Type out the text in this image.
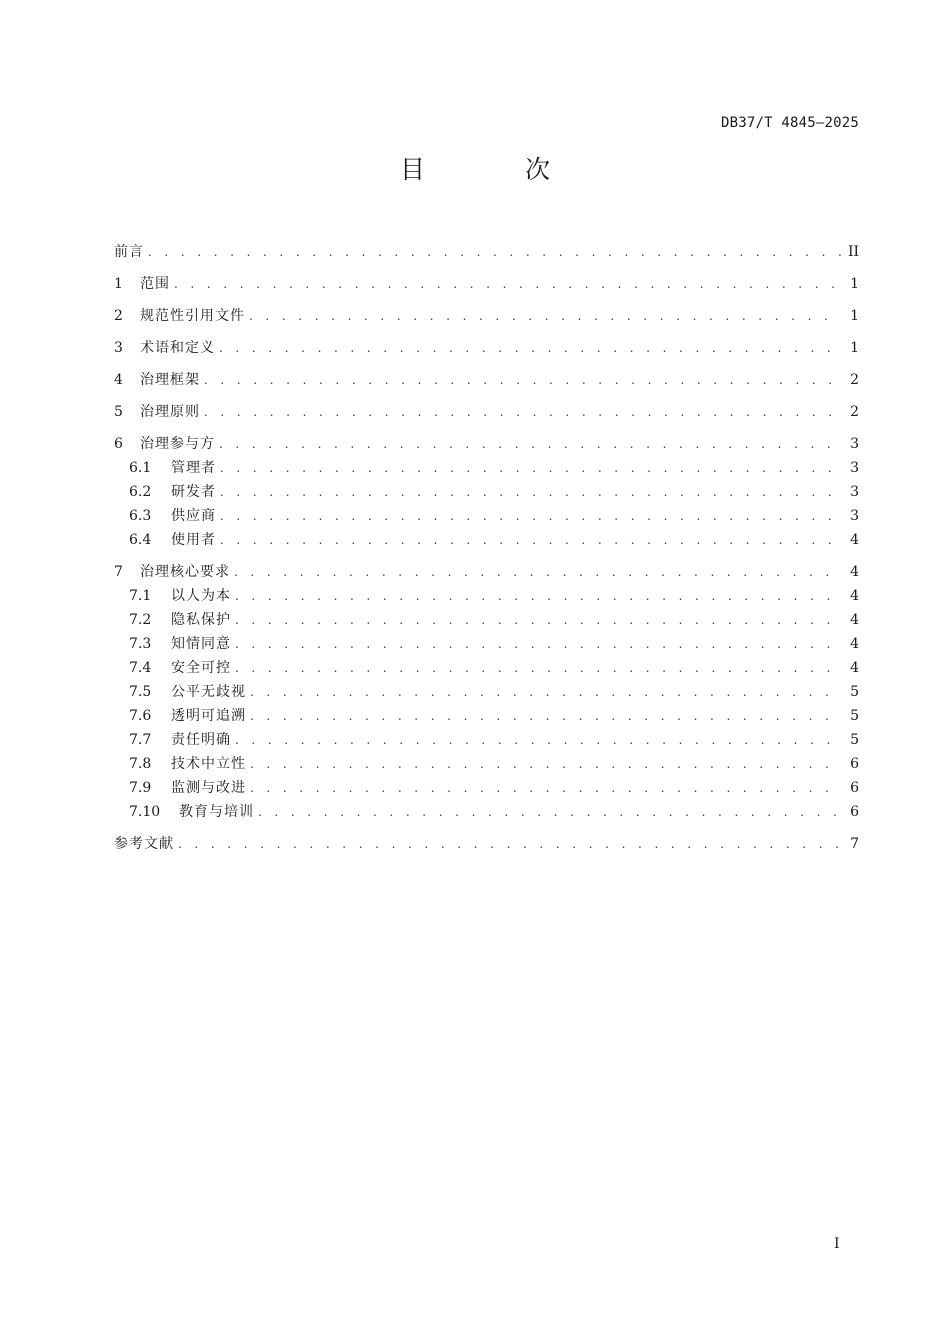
DB37/T 4845—2025
目 次
前言 . . .	II
1	范围 . . .	1
2	规范性引用文件 . . .	1
3	术语和定义 . . .	1
4	治理框架 . . .	2
5	治理原则 . . .	2
6	治理参与方 . . .	3
6.1	管理者 . . .	3
6.2	研发者 . . .	3
6.3	供应商 . . .	3
6.4	使用者 . . .	4
7	治理核心要求 . . .	4
7.1	以人为本 . . .	4
7.2	隐私保护 . . .	4
7.3	知情同意 . . .	4
7.4	安全可控 . . .	4
7.5	公平无歧视 . . .	5
7.6	透明可追溯 . . .	5
7.7	责任明确 . . .	5
7.8	技术中立性 . . .	6
7.9	监测与改进 . . .	6
7.10	教育与培训 . . .	6
参考文献 . . .	7
I
